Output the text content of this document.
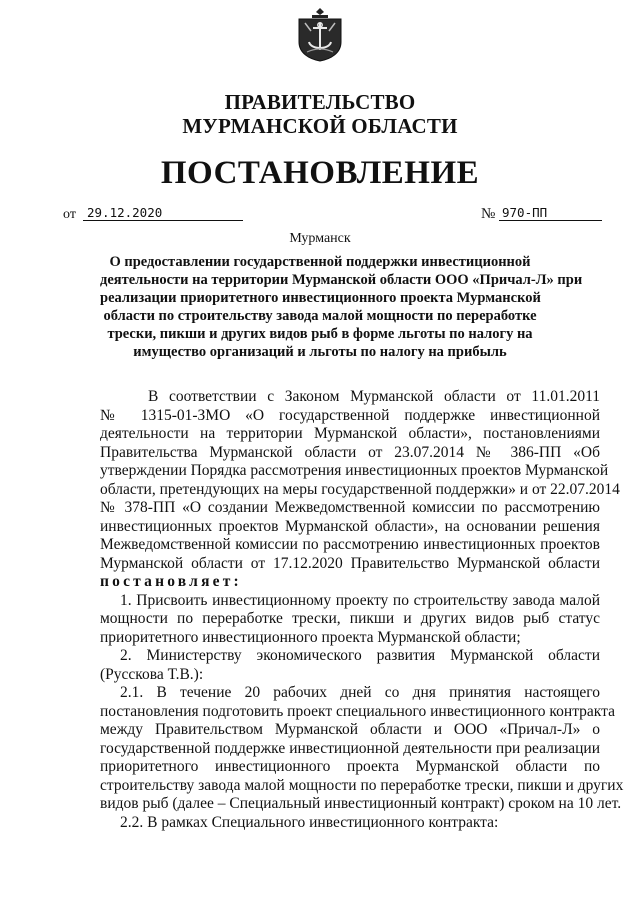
ПРАВИТЕЛЬСТВО
МУРМАНСКОЙ ОБЛАСТИ
ПОСТАНОВЛЕНИЕ
от 29.12.2020	№ 970-ПП
Мурманск
О предоставлении государственной поддержки инвестиционной
деятельности на территории Мурманской области ООО «Причал-Л» при
реализации приоритетного инвестиционного проекта Мурманской
области по строительству завода малой мощности по переработке
трески, пикши и других видов рыб в форме льготы по налогу на
имущество организаций и льготы по налогу на прибыль
В соответствии с Законом Мурманской области от 11.01.2011
№ 1315-01-ЗМО «О государственной поддержке инвестиционной
деятельности на территории Мурманской области», постановлениями
Правительства Мурманской области от 23.07.2014 № 386-ПП «Об
утверждении Порядка рассмотрения инвестиционных проектов Мурманской
области, претендующих на меры государственной поддержки» и от 22.07.2014
№ 378-ПП «О создании Межведомственной комиссии по рассмотрению
инвестиционных проектов Мурманской области», на основании решения
Межведомственной комиссии по рассмотрению инвестиционных проектов
Мурманской области от 17.12.2020 Правительство Мурманской области
постановляет:
1. Присвоить инвестиционному проекту по строительству завода малой
мощности по переработке трески, пикши и других видов рыб статус
приоритетного инвестиционного проекта Мурманской области;
2. Министерству экономического развития Мурманской области
(Русскова Т.В.):
2.1. В течение 20 рабочих дней со дня принятия настоящего
постановления подготовить проект специального инвестиционного контракта
между Правительством Мурманской области и ООО «Причал-Л» о
государственной поддержке инвестиционной деятельности при реализации
приоритетного инвестиционного проекта Мурманской области по
строительству завода малой мощности по переработке трески, пикши и других
видов рыб (далее – Специальный инвестиционный контракт) сроком на 10 лет.
2.2. В рамках Специального инвестиционного контракта:
